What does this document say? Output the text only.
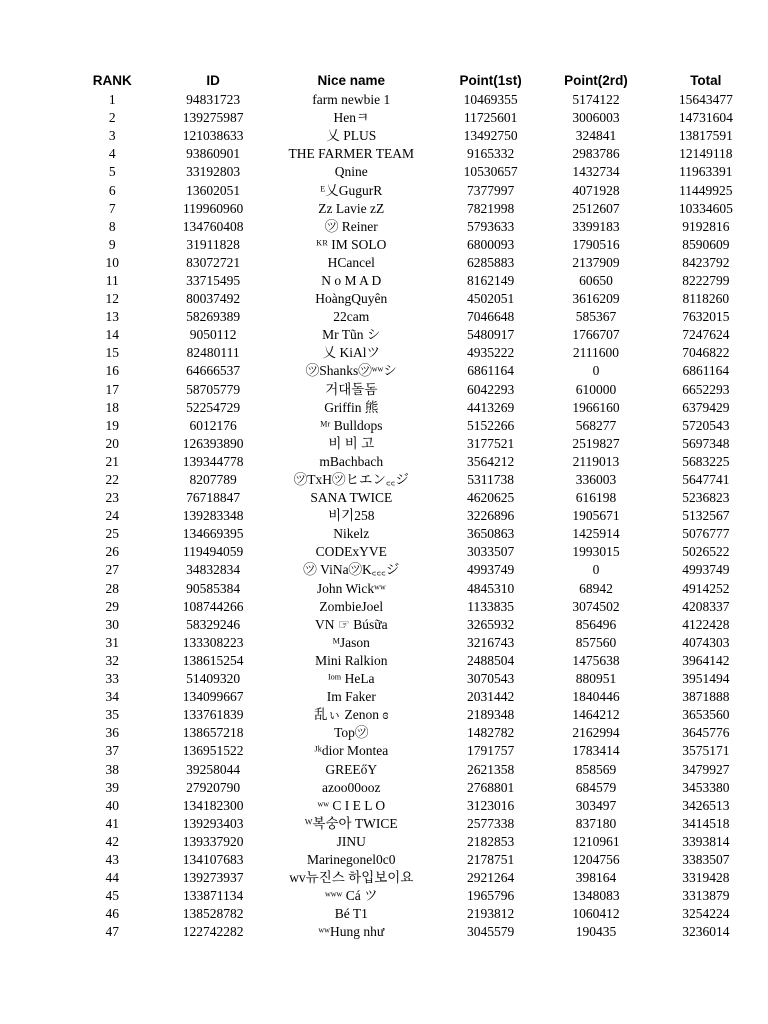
RANK	ID	Nice name	Point(1st)	Point(2rd)	Total
1	94831723	farm newbie 1	10469355	5174122	15643477
2	139275987	Henㅋ	11725601	3006003	14731604
3	121038633	乂 PLUS	13492750	324841	13817591
4	93860901	THE FARMER TEAM	9165332	2983786	12149118
5	33192803	Qnine	10530657	1432734	11963391
6	13602051	ᴱ乂GugurR	7377997	4071928	11449925
7	119960960	Zz Lavie zZ	7821998	2512607	10334605
8	134760408	㋡ Reiner	5793633	3399183	9192816
9	31911828	ᴷᴿ IM SOLO	6800093	1790516	8590609
10	83072721	HCancel	6285883	2137909	8423792
11	33715495	N o M A D	8162149	60650	8222799
12	80037492	HoàngQuyên	4502051	3616209	8118260
13	58269389	22cam	7046648	585367	7632015
14	9050112	Mr Tũn シ	5480917	1766707	7247624
15	82480111	乂 KiAlツ	4935222	2111600	7046822
16	64666537	㋡Shanks㋡ʷʷシ	6861164	0	6861164
17	58705779	거대돌돔	6042293	610000	6652293
18	52254729	Griffin 熊	4413269	1966160	6379429
19	6012176	ᴹʳ Bulldops	5152266	568277	5720543
20	126393890	비 비 고	3177521	2519827	5697348
21	139344778	mBachbach	3564212	2119013	5683225
22	8207789	㋡TxH㋡ヒエン꜀꜀ジ	5311738	336003	5647741
23	76718847	SANA TWICE	4620625	616198	5236823
24	139283348	비기258	3226896	1905671	5132567
25	134669395	Nikelz	3650863	1425914	5076777
26	119494059	CODExYVE	3033507	1993015	5026522
27	34832834	㋡ ViNa㋡K꜀꜀꜀ジ	4993749	0	4993749
28	90585384	John Wickʷʷ	4845310	68942	4914252
29	108744266	ZombieJoel	1133835	3074502	4208337
30	58329246	VN ☞ Búsữa	3265932	856496	4122428
31	133308223	ᴹJason	3216743	857560	4074303
32	138615254	Mini Ralkion	2488504	1475638	3964142
33	51409320	ᴵᵒᵐ HeLa	3070543	880951	3951494
34	134099667	Im Faker	2031442	1840446	3871888
35	133761839	乱ぃ Zenon ɞ	2189348	1464212	3653560
36	138657218	Top㋡	1482782	2162994	3645776
37	136951522	ᴶᵏdior Montea	1791757	1783414	3575171
38	39258044	GREEőY	2621358	858569	3479927
39	27920790	azoo00ooz	2768801	684579	3453380
40	134182300	ʷʷ C I E L O	3123016	303497	3426513
41	139293403	ᵂ복숭아 TWICE	2577338	837180	3414518
42	139337920	JINU	2182853	1210961	3393814
43	134107683	Marinegonel0c0	2178751	1204756	3383507
44	139273937	wv뉴진스 하입보이요	2921264	398164	3319428
45	133871134	ʷʷʷ Cá ツ	1965796	1348083	3313879
46	138528782	Bé T1	2193812	1060412	3254224
47	122742282	ʷʷHung như	3045579	190435	3236014
